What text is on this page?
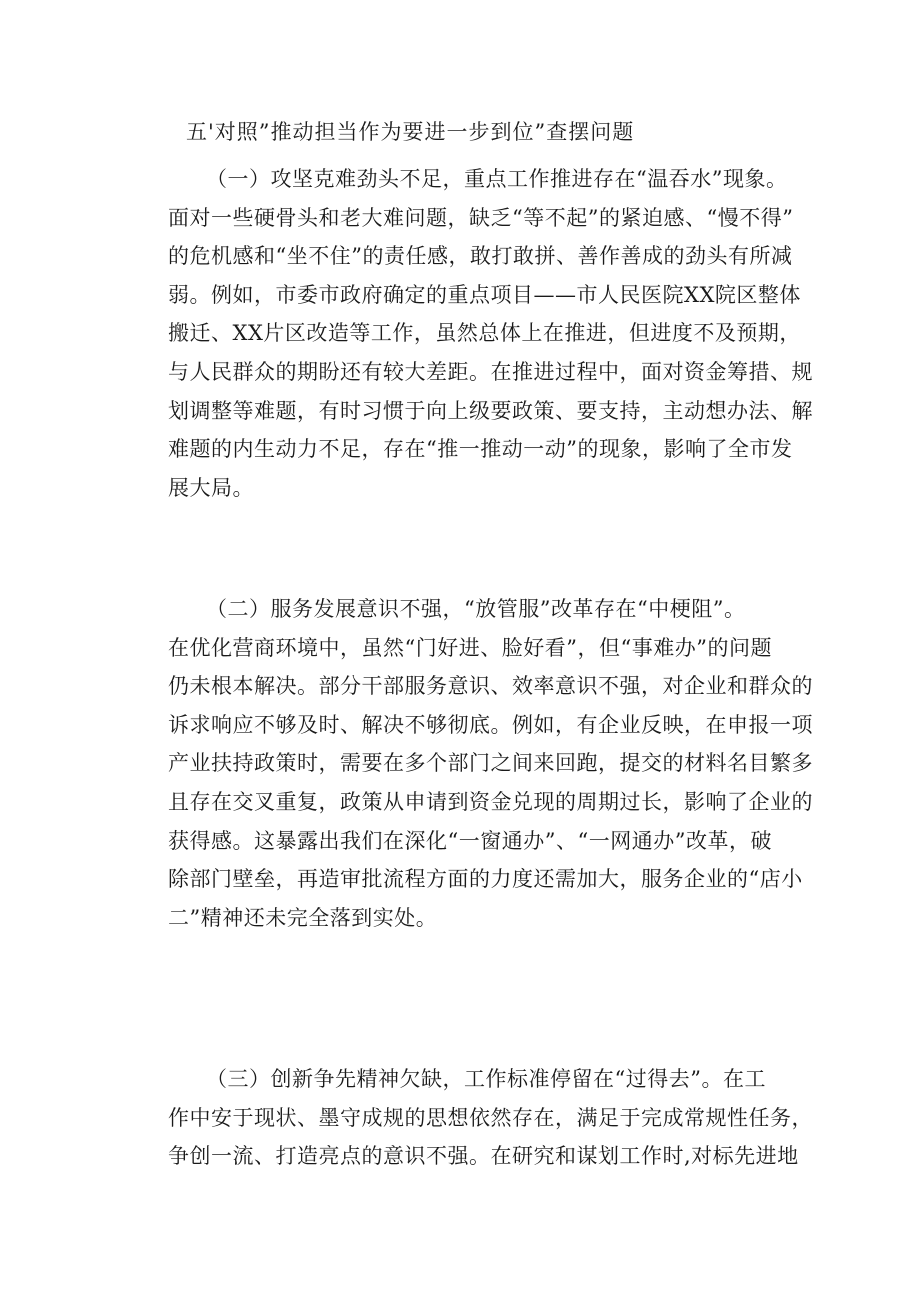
五'对照”推动担当作为要进一步到位”查摆问题
（一）攻坚克难劲头不足，重点工作推进存在“温吞水”现象。
面对一些硬骨头和老大难问题，缺乏“等不起”的紧迫感、“慢不得”
的危机感和“坐不住”的责任感，敢打敢拼、善作善成的劲头有所减
弱。例如，市委市政府确定的重点项目——市人民医院XX院区整体
搬迁、XX片区改造等工作，虽然总体上在推进，但进度不及预期，
与人民群众的期盼还有较大差距。在推进过程中，面对资金筹措、规
划调整等难题，有时习惯于向上级要政策、要支持，主动想办法、解
难题的内生动力不足，存在“推一推动一动”的现象，影响了全市发
展大局。
（二）服务发展意识不强，“放管服”改革存在“中梗阻”。
在优化营商环境中，虽然“门好进、脸好看”，但“事难办”的问题
仍未根本解决。部分干部服务意识、效率意识不强，对企业和群众的
诉求响应不够及时、解决不够彻底。例如，有企业反映，在申报一项
产业扶持政策时，需要在多个部门之间来回跑，提交的材料名目繁多
且存在交叉重复，政策从申请到资金兑现的周期过长，影响了企业的
获得感。这暴露出我们在深化“一窗通办”、“一网通办”改革，破
除部门壁垒，再造审批流程方面的力度还需加大，服务企业的“店小
二”精神还未完全落到实处。
（三）创新争先精神欠缺，工作标准停留在“过得去”。在工
作中安于现状、墨守成规的思想依然存在，满足于完成常规性任务，
争创一流、打造亮点的意识不强。在研究和谋划工作时,对标先进地
